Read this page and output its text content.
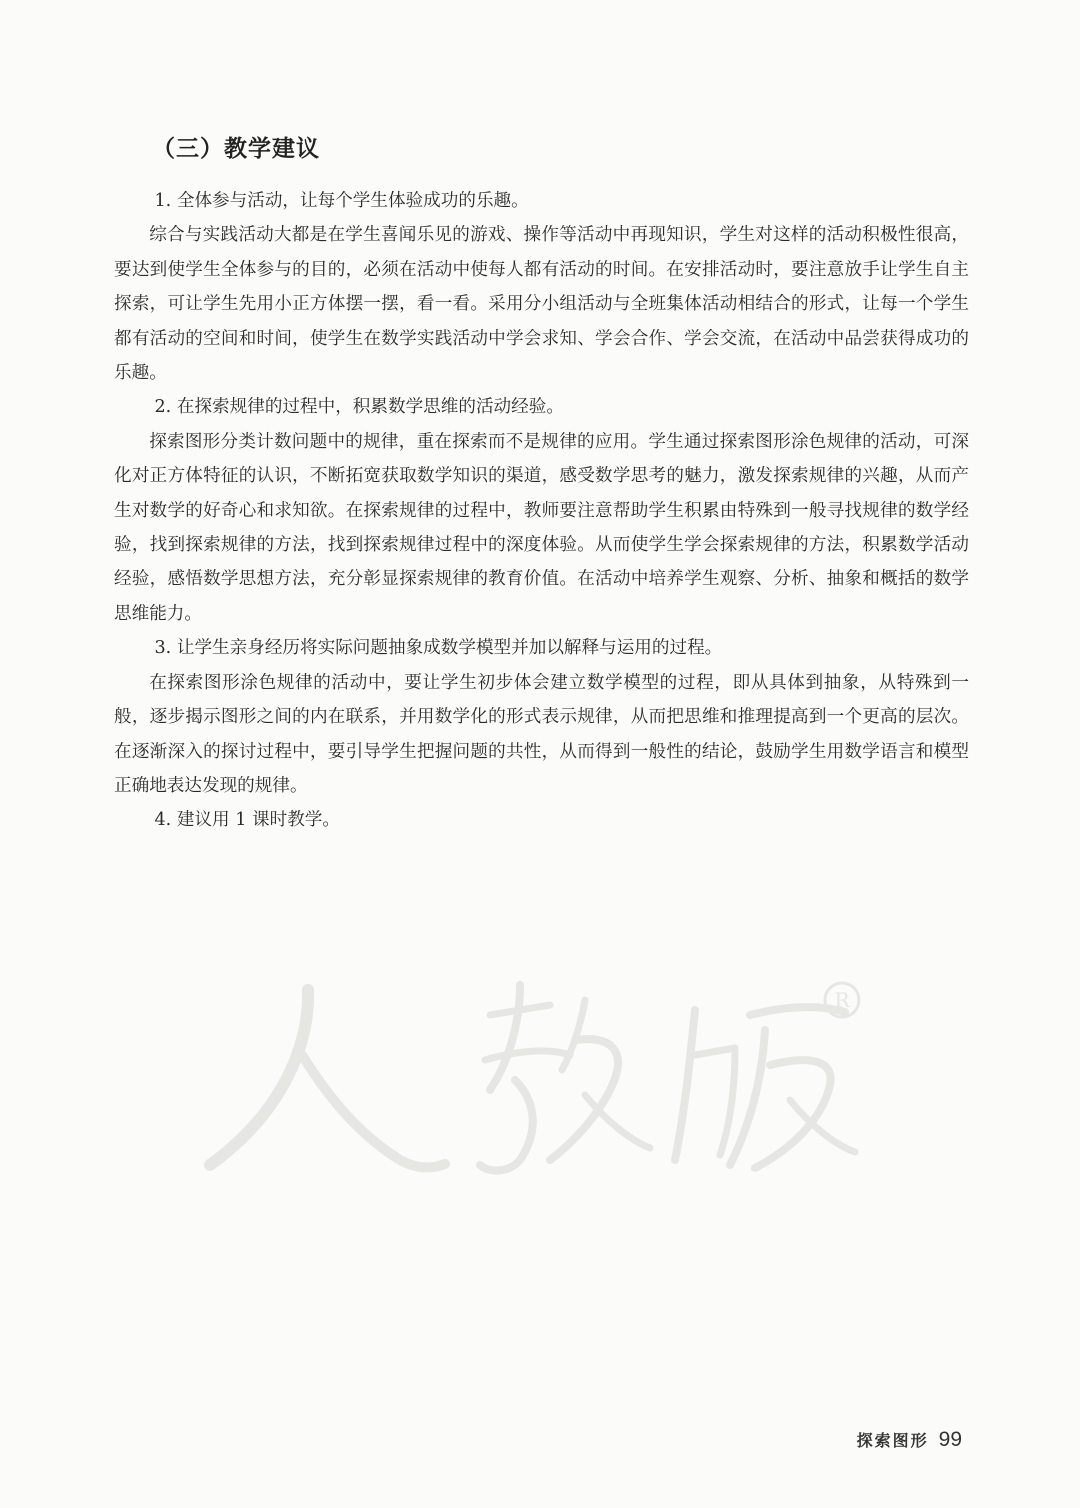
（三）教学建议

1. 全体参与活动，让每个学生体验成功的乐趣。

综合与实践活动大都是在学生喜闻乐见的游戏、操作等活动中再现知识，学生对这样的活动积极性很高，要达到使学生全体参与的目的，必须在活动中使每人都有活动的时间。在安排活动时，要注意放手让学生自主探索，可让学生先用小正方体摆一摆，看一看。采用分小组活动与全班集体活动相结合的形式，让每一个学生都有活动的空间和时间，使学生在数学实践活动中学会求知、学会合作、学会交流，在活动中品尝获得成功的乐趣。

2. 在探索规律的过程中，积累数学思维的活动经验。

探索图形分类计数问题中的规律，重在探索而不是规律的应用。学生通过探索图形涂色规律的活动，可深化对正方体特征的认识，不断拓宽获取数学知识的渠道，感受数学思考的魅力，激发探索规律的兴趣，从而产生对数学的好奇心和求知欲。在探索规律的过程中，教师要注意帮助学生积累由特殊到一般寻找规律的数学经验，找到探索规律的方法，找到探索规律过程中的深度体验。从而使学生学会探索规律的方法，积累数学活动经验，感悟数学思想方法，充分彰显探索规律的教育价值。在活动中培养学生观察、分析、抽象和概括的数学思维能力。

3. 让学生亲身经历将实际问题抽象成数学模型并加以解释与运用的过程。

在探索图形涂色规律的活动中，要让学生初步体会建立数学模型的过程，即从具体到抽象，从特殊到一般，逐步揭示图形之间的内在联系，并用数学化的形式表示规律，从而把思维和推理提高到一个更高的层次。在逐渐深入的探讨过程中，要引导学生把握问题的共性，从而得到一般性的结论，鼓励学生用数学语言和模型正确地表达发现的规律。

4. 建议用 1 课时教学。

R
探索图形 99
